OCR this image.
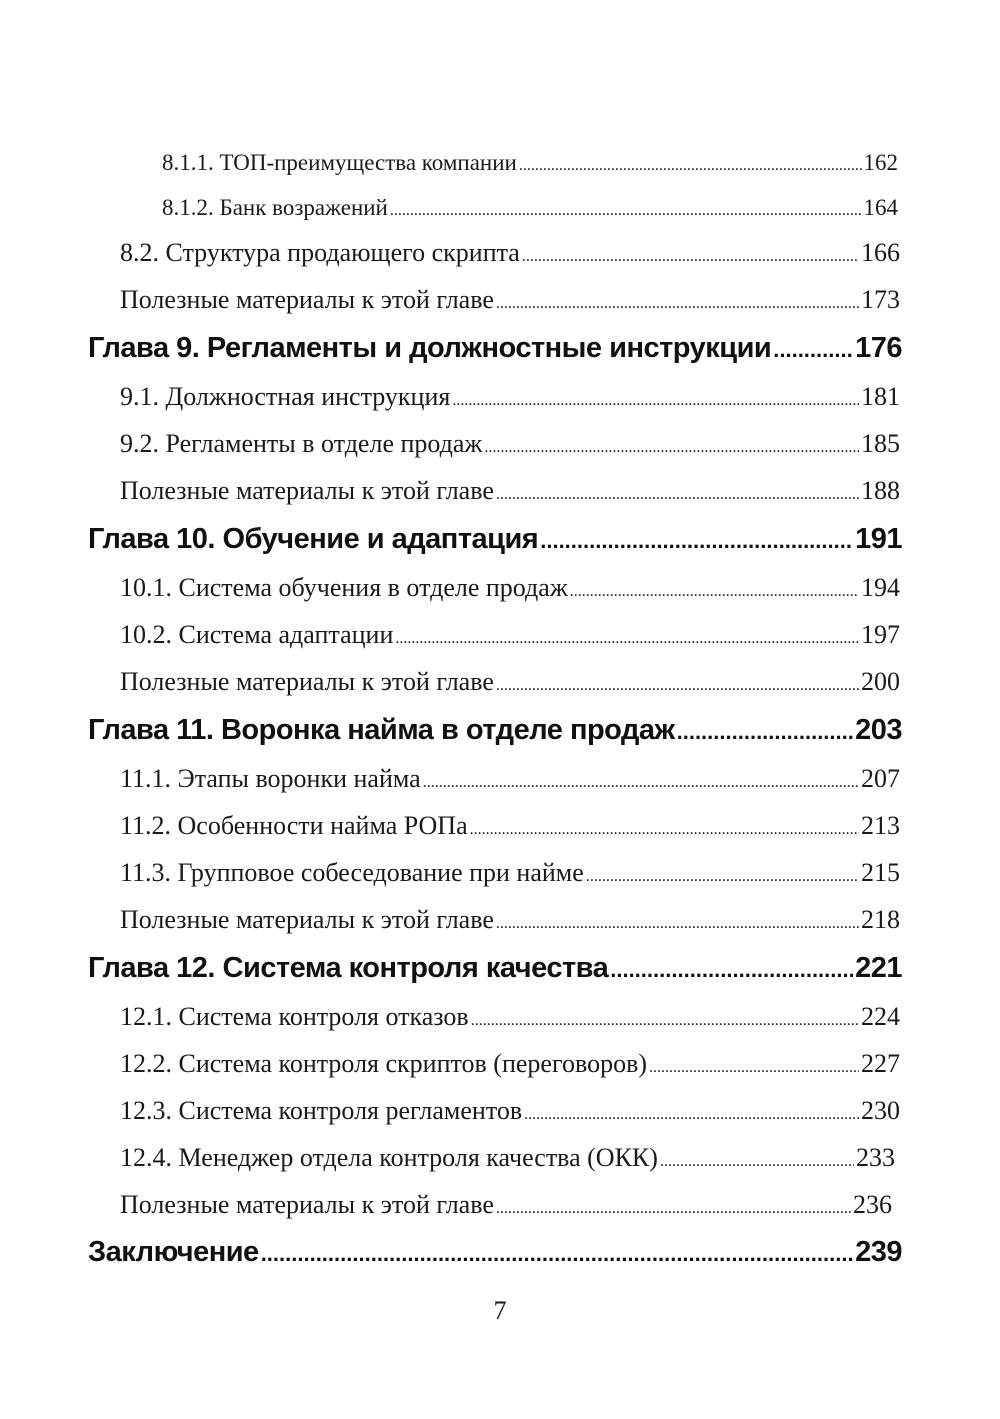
8.1.1. ТОП-преимущества компании .....	162
8.1.2. Банк возражений .....	164
8.2. Структура продающего скрипта .....	166
Полезные материалы к этой главе .....	173
Глава 9. Регламенты и должностные инструкции .....	176
9.1. Должностная инструкция .....	181
9.2. Регламенты в отделе продаж .....	185
Полезные материалы к этой главе .....	188
Глава 10. Обучение и адаптация .....	191
10.1. Система обучения в отделе продаж .....	194
10.2. Система адаптации .....	197
Полезные материалы к этой главе .....	200
Глава 11. Воронка найма в отделе продаж .....	203
11.1. Этапы воронки найма .....	207
11.2. Особенности найма РОПа .....	213
11.3. Групповое собеседование при найме .....	215
Полезные материалы к этой главе .....	218
Глава 12. Система контроля качества .....	221
12.1. Система контроля отказов .....	224
12.2. Система контроля скриптов (переговоров) .....	227
12.3. Система контроля регламентов .....	230
12.4. Менеджер отдела контроля качества (ОКК) .....	233
Полезные материалы к этой главе .....	236
Заключение .....	239
7
